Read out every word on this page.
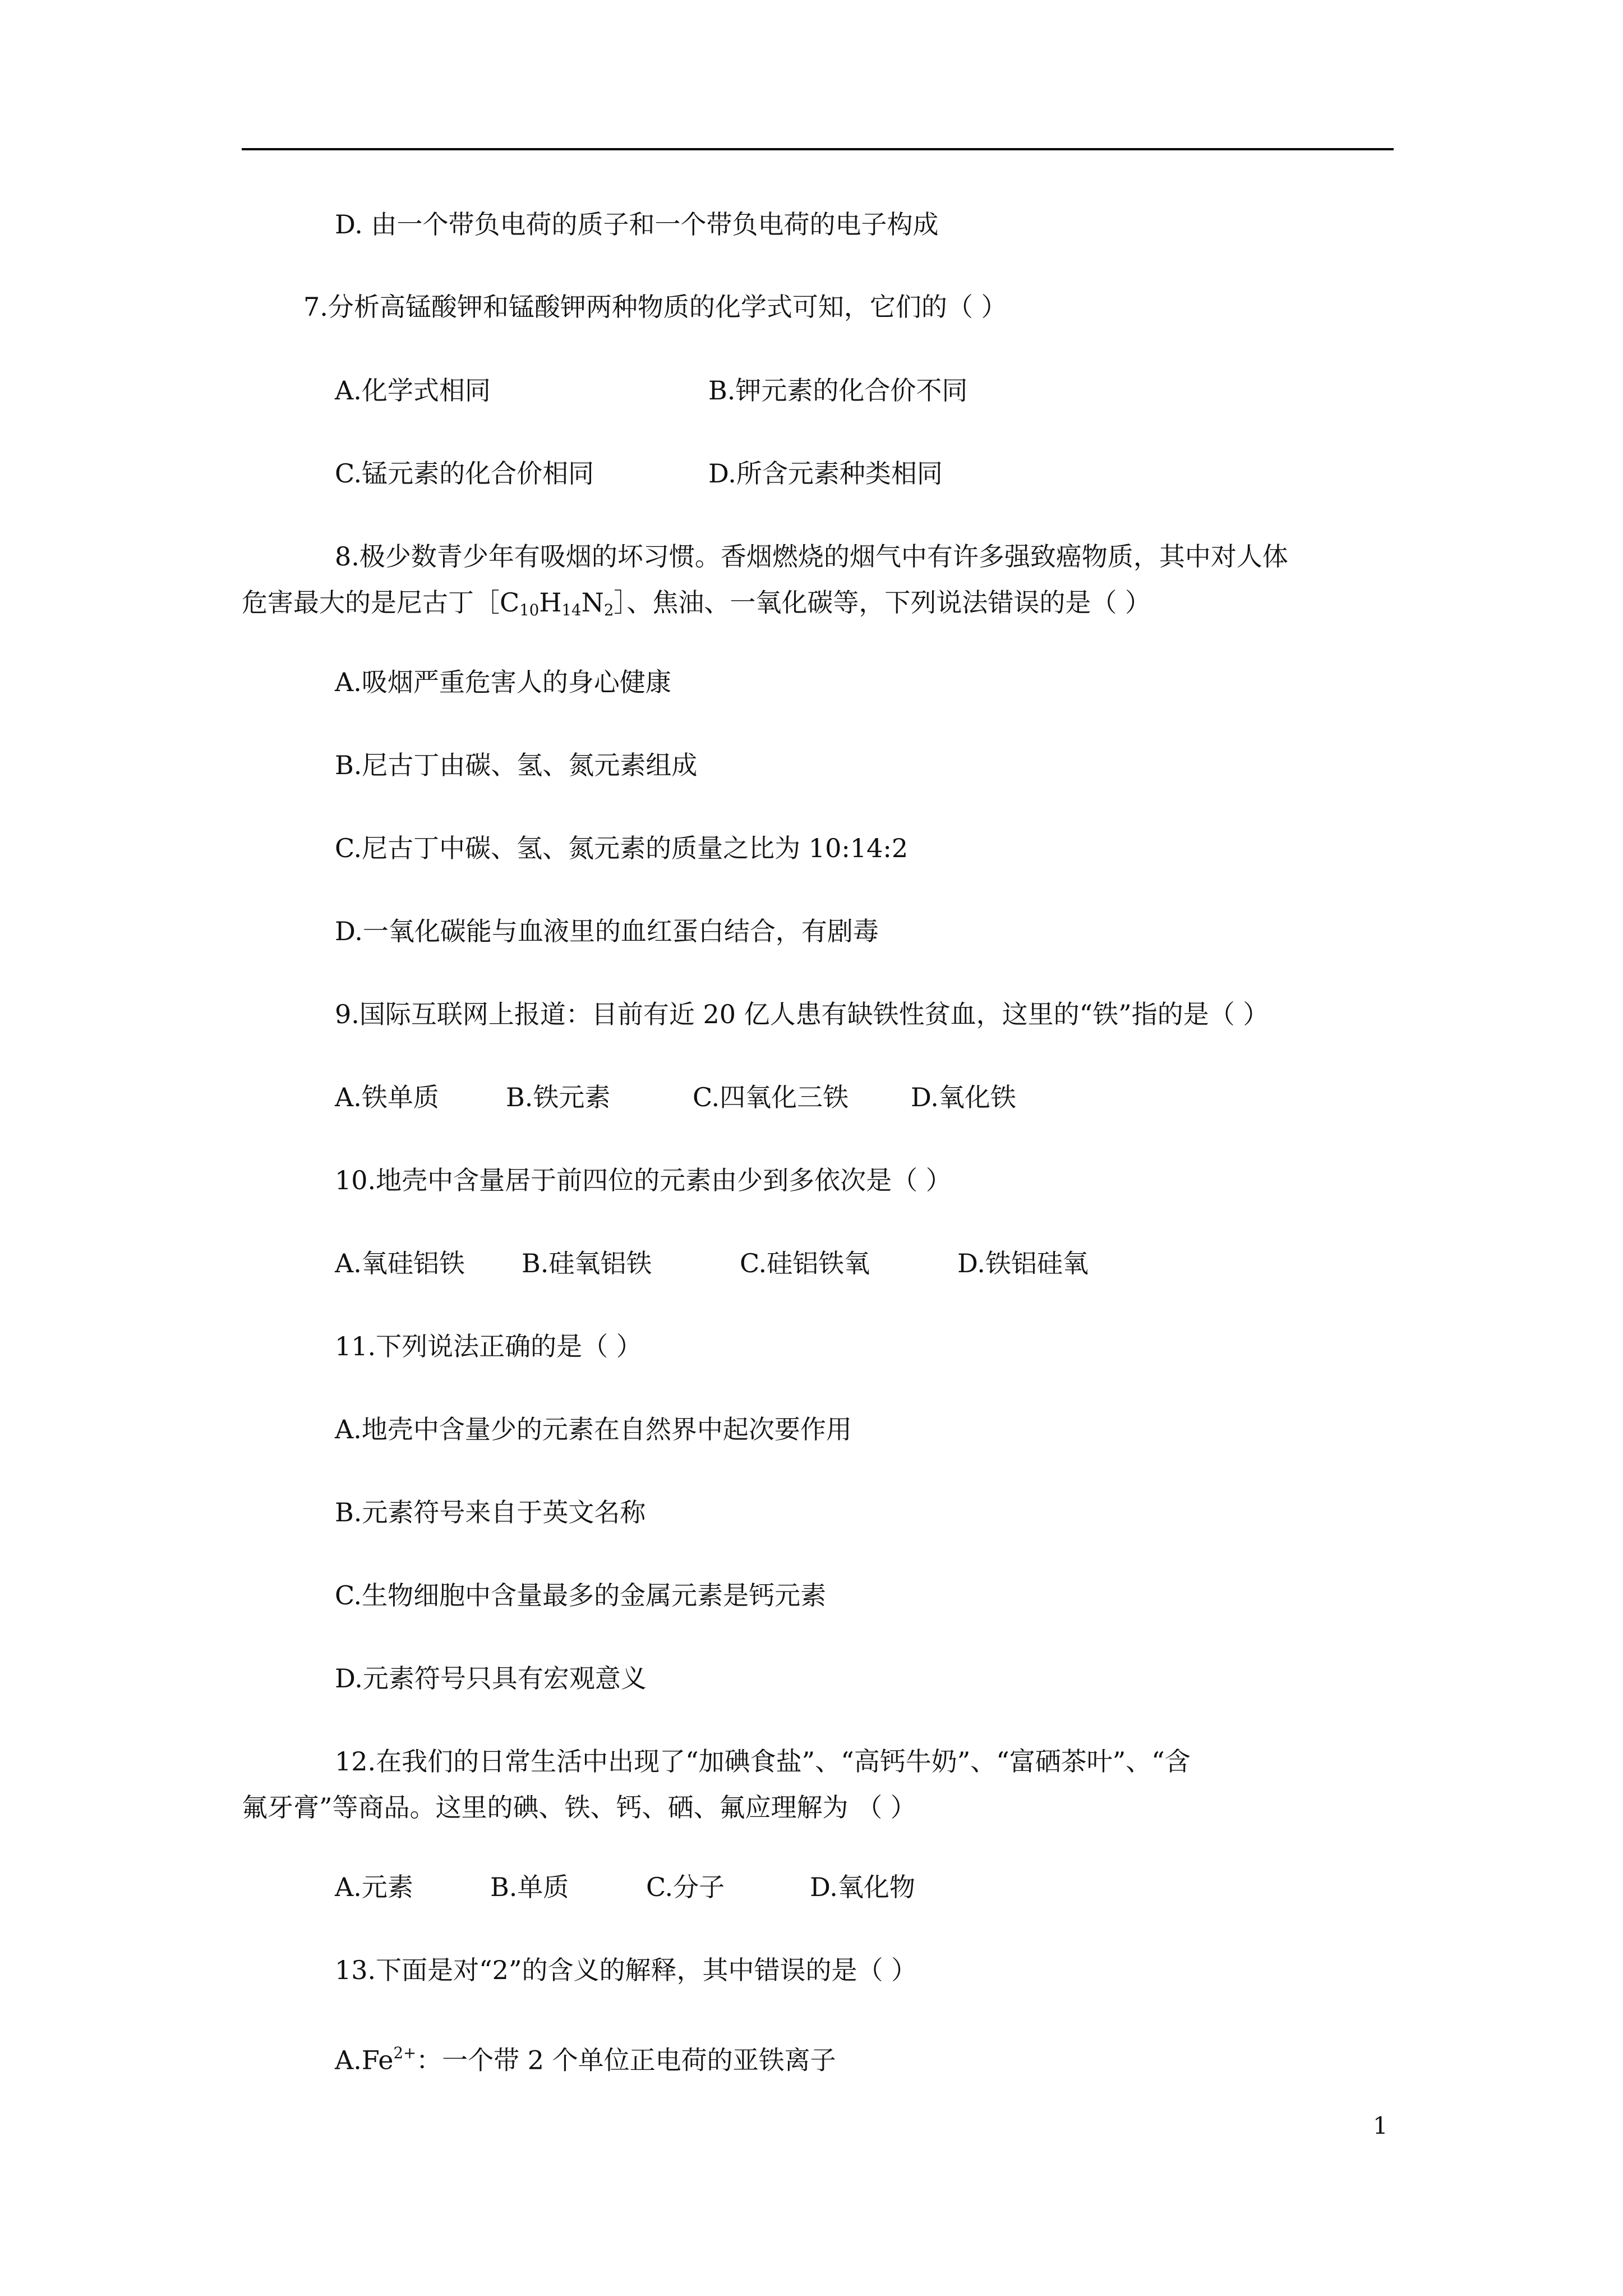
D. 由一个带负电荷的质子和一个带负电荷的电子构成

7.分析高锰酸钾和锰酸钾两种物质的化学式可知，它们的（ ）

A.化学式相同	B.钾元素的化合价不同
C.锰元素的化合价相同	D.所含元素种类相同

8.极少数青少年有吸烟的坏习惯。香烟燃烧的烟气中有许多强致癌物质，其中对人体

危害最大的是尼古丁$[C_{10}H_{14}N_2]$、焦油、一氧化碳等，下列说法错误的是（ ）

A.吸烟严重危害人的身心健康

B.尼古丁由碳、氢、氮元素组成

C.尼古丁中碳、氢、氮元素的质量之比为 10:14:2

D.一氧化碳能与血液里的血红蛋白结合，有剧毒

9.国际互联网上报道：目前有近 20 亿人患有缺铁性贫血，这里的“铁”指的是（ ）

A.铁单质	B.铁元素	C.四氧化三铁 D.氧化铁

10.地壳中含量居于前四位的元素由少到多依次是（ ）

A.氧硅铝铁 B.硅氧铝铁	C.硅铝铁氧	D.铁铝硅氧

11.下列说法正确的是（ ）

A.地壳中含量少的元素在自然界中起次要作用

B.元素符号来自于英文名称

C.生物细胞中含量最多的金属元素是钙元素

D.元素符号只具有宏观意义

12.在我们的日常生活中出现了“加碘食盐”、“高钙牛奶”、“富硒茶叶”、“含

氟牙膏”等商品。这里的碘、铁、钙、硒、氟应理解为 （ ）

A.元素	B.单质	C.分子	D.氧化物

13.下面是对“2”的含义的解释，其中错误的是（ ）

$A.Fe^{2+}$：一个带 2 个单位正电荷的亚铁离子

1
